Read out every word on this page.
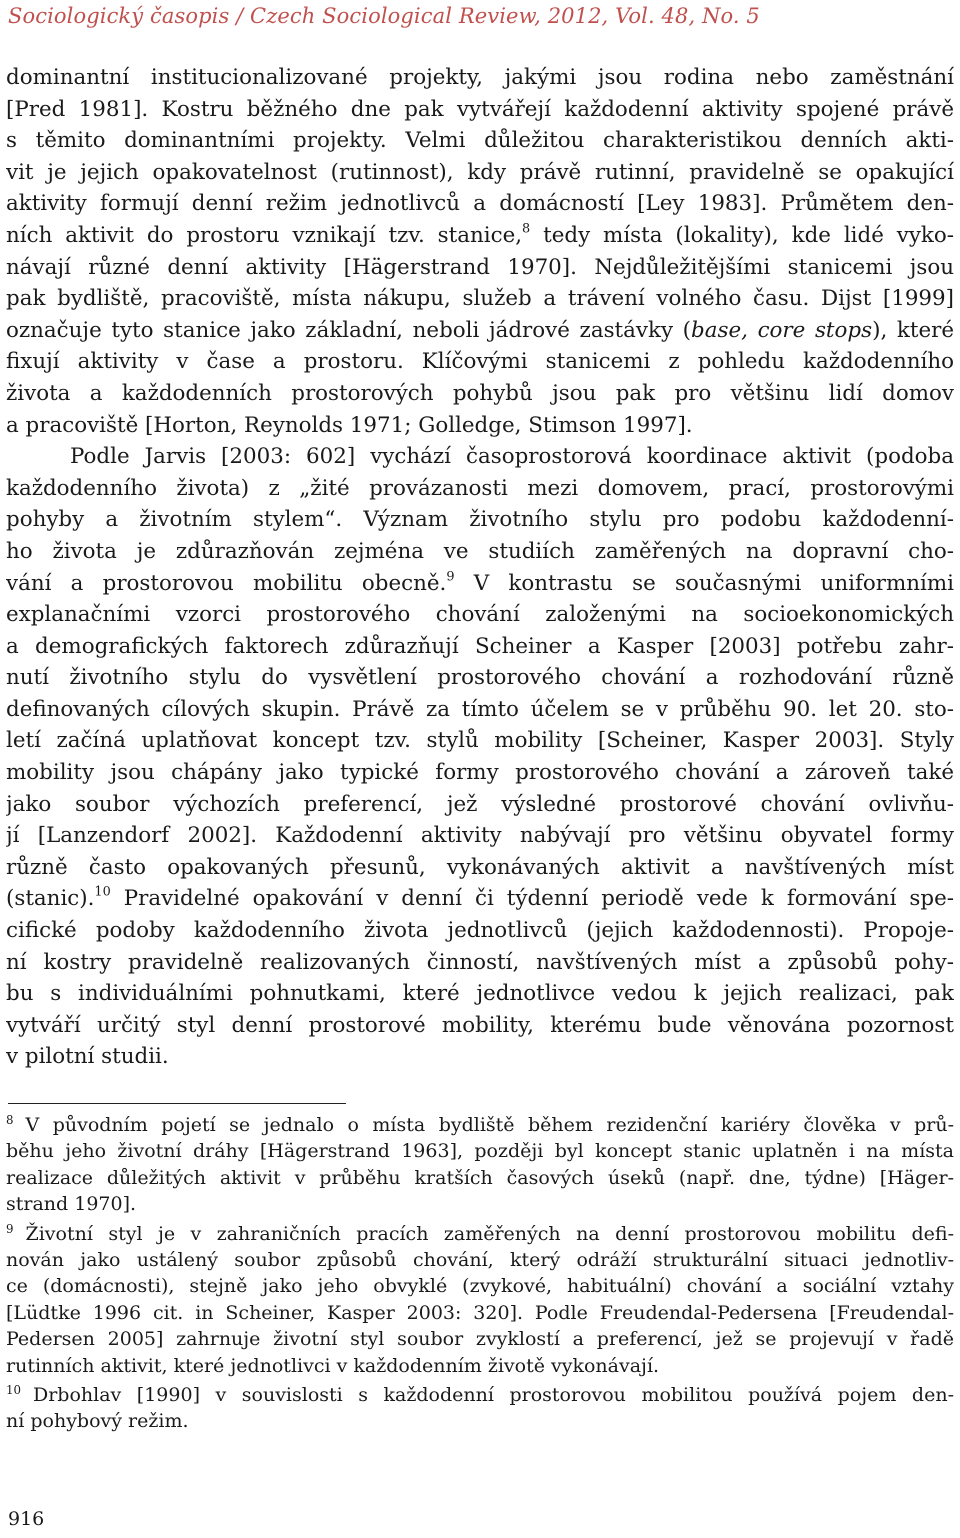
Sociologický časopis / Czech Sociological Review, 2012, Vol. 48, No. 5
dominantní institucionalizované projekty, jakými jsou rodina nebo zaměstnání
[Pred 1981]. Kostru běžného dne pak vytvářejí každodenní aktivity spojené právě
s těmito dominantními projekty. Velmi důležitou charakteristikou denních akti-
vit je jejich opakovatelnost (rutinnost), kdy právě rutinní, pravidelně se opakující
aktivity formují denní režim jednotlivců a domácností [Ley 1983]. Průmětem den-
ních aktivit do prostoru vznikají tzv. stanice,$^8$ tedy místa (lokality), kde lidé vyko-
návají různé denní aktivity [Hägerstrand 1970]. Nejdůležitějšími stanicemi jsou
pak bydliště, pracoviště, místa nákupu, služeb a trávení volného času. Dijst [1999]
označuje tyto stanice jako základní, neboli jádrové zastávky (base, core stops), které
fixují aktivity v čase a prostoru. Klíčovými stanicemi z pohledu každodenního
života a každodenních prostorových pohybů jsou pak pro většinu lidí domov
a pracoviště [Horton, Reynolds 1971; Golledge, Stimson 1997].
Podle Jarvis [2003: 602] vychází časoprostorová koordinace aktivit (podoba
každodenního života) z „žité provázanosti mezi domovem, prací, prostorovými
pohyby a životním stylem“. Význam životního stylu pro podobu každodenní-
ho života je zdůrazňován zejména ve studiích zaměřených na dopravní cho-
vání a prostorovou mobilitu obecně.$^9$ V kontrastu se současnými uniformními
explanačními vzorci prostorového chování založenými na socioekonomických
a demografických faktorech zdůrazňují Scheiner a Kasper [2003] potřebu zahr-
nutí životního stylu do vysvětlení prostorového chování a rozhodování různě
definovaných cílových skupin. Právě za tímto účelem se v průběhu 90. let 20. sto-
letí začíná uplatňovat koncept tzv. stylů mobility [Scheiner, Kasper 2003]. Styly
mobility jsou chápány jako typické formy prostorového chování a zároveň také
jako soubor výchozích preferencí, jež výsledné prostorové chování ovlivňu-
jí [Lanzendorf 2002]. Každodenní aktivity nabývají pro většinu obyvatel formy
různě často opakovaných přesunů, vykonávaných aktivit a navštívených míst
(stanic).$^{10}$ Pravidelné opakování v denní či týdenní periodě vede k formování spe-
cifické podoby každodenního života jednotlivců (jejich každodennosti). Propoje-
ní kostry pravidelně realizovaných činností, navštívených míst a způsobů pohy-
bu s individuálními pohnutkami, které jednotlivce vedou k jejich realizaci, pak
vytváří určitý styl denní prostorové mobility, kterému bude věnována pozornost
v pilotní studii.
$^8$ V původním pojetí se jednalo o místa bydliště během rezidenční kariéry člověka v prů-
běhu jeho životní dráhy [Hägerstrand 1963], později byl koncept stanic uplatněn i na místa
realizace důležitých aktivit v průběhu kratších časových úseků (např. dne, týdne) [Häger-
strand 1970].
$^9$ Životní styl je v zahraničních pracích zaměřených na denní prostorovou mobilitu defi-
nován jako ustálený soubor způsobů chování, který odráží strukturální situaci jednotliv-
ce (domácnosti), stejně jako jeho obvyklé (zvykové, habituální) chování a sociální vztahy
[Lüdtke 1996 cit. in Scheiner, Kasper 2003: 320]. Podle Freudendal-Pedersena [Freudendal-
Pedersen 2005] zahrnuje životní styl soubor zvyklostí a preferencí, jež se projevují v řadě
rutinních aktivit, které jednotlivci v každodenním životě vykonávají.
$^{10}$ Drbohlav [1990] v souvislosti s každodenní prostorovou mobilitou používá pojem den-
ní pohybový režim.
916
